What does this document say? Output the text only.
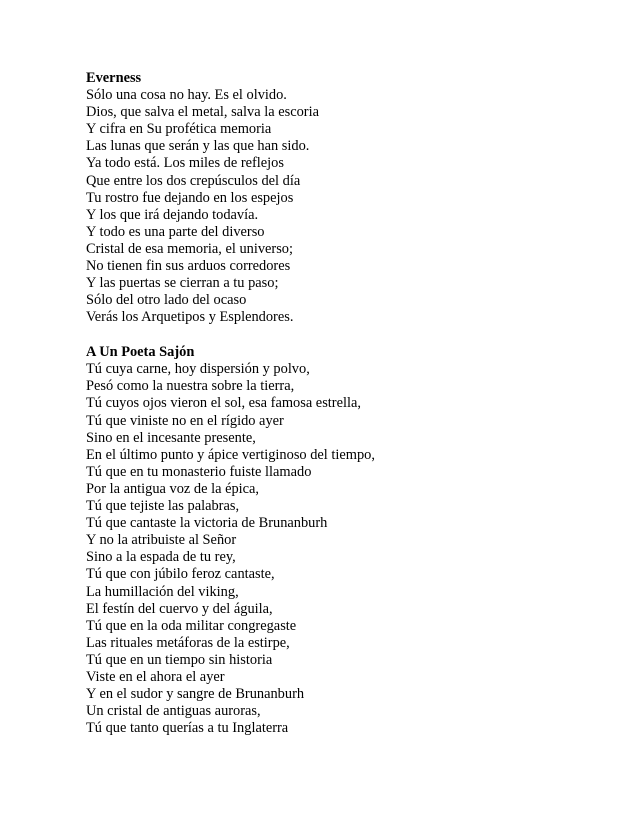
Everness
Sólo una cosa no hay. Es el olvido.
Dios, que salva el metal, salva la escoria
Y cifra en Su profética memoria
Las lunas que serán y las que han sido.
Ya todo está. Los miles de reflejos
Que entre los dos crepúsculos del día
Tu rostro fue dejando en los espejos
Y los que irá dejando todavía.
Y todo es una parte del diverso
Cristal de esa memoria, el universo;
No tienen fin sus arduos corredores
Y las puertas se cierran a tu paso;
Sólo del otro lado del ocaso
Verás los Arquetipos y Esplendores.
A Un Poeta Sajón
Tú cuya carne, hoy dispersión y polvo,
Pesó como la nuestra sobre la tierra,
Tú cuyos ojos vieron el sol, esa famosa estrella,
Tú que viniste no en el rígido ayer
Sino en el incesante presente,
En el último punto y ápice vertiginoso del tiempo,
Tú que en tu monasterio fuiste llamado
Por la antigua voz de la épica,
Tú que tejiste las palabras,
Tú que cantaste la victoria de Brunanburh
Y no la atribuiste al Señor
Sino a la espada de tu rey,
Tú que con júbilo feroz cantaste,
La humillación del viking,
El festín del cuervo y del águila,
Tú que en la oda militar congregaste
Las rituales metáforas de la estirpe,
Tú que en un tiempo sin historia
Viste en el ahora el ayer
Y en el sudor y sangre de Brunanburh
Un cristal de antiguas auroras,
Tú que tanto querías a tu Inglaterra
